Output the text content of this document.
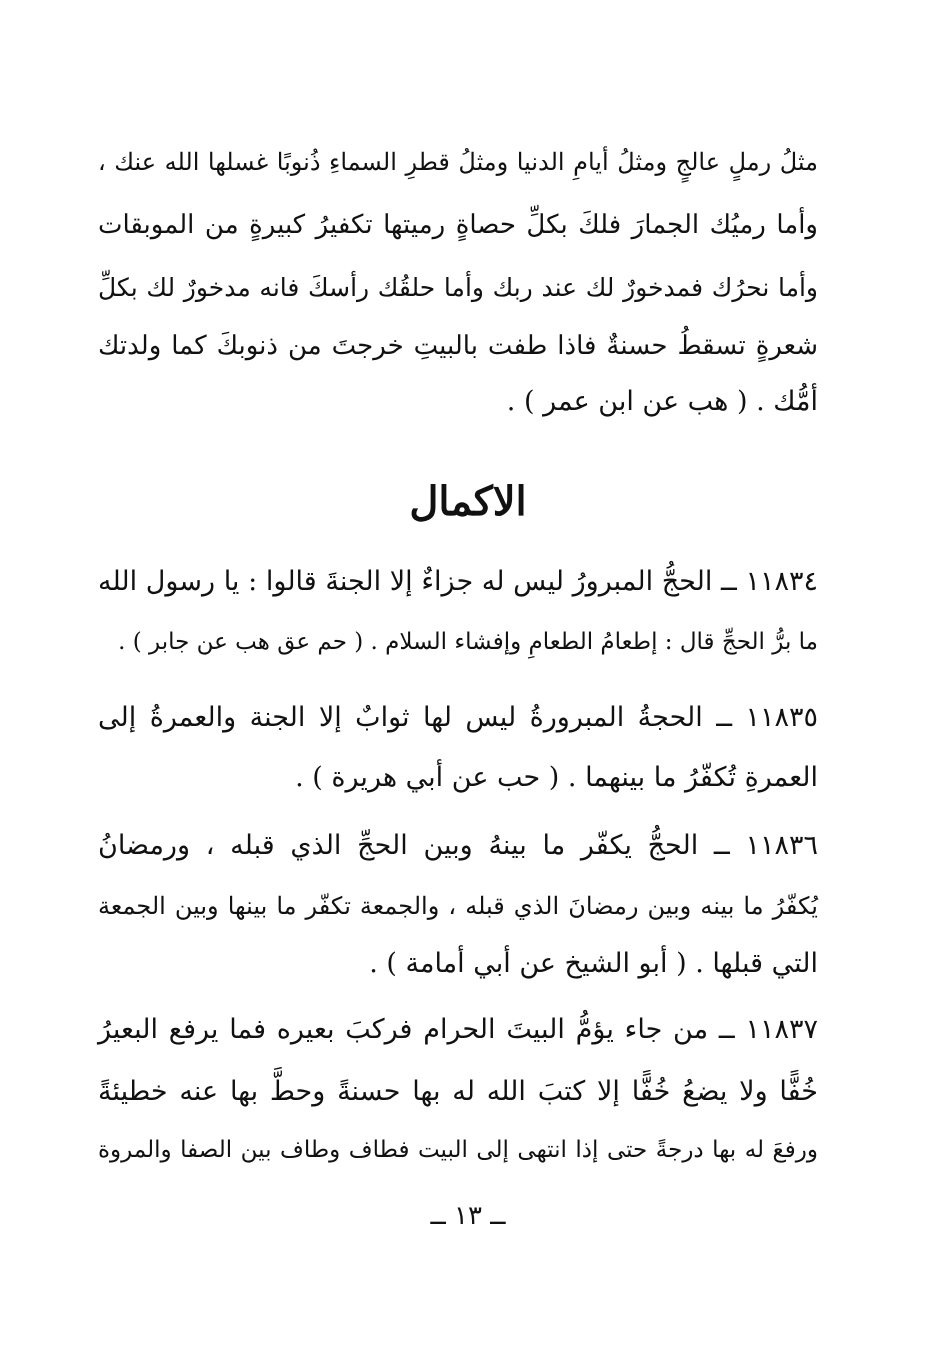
مثلُ رملٍ عالجٍ ومثلُ أيامِ الدنيا ومثلُ قطرِ السماءِ ذُنوبًا غسلها الله عنك ،
وأما رميُك الجمارَ فلكَ بكلِّ حصاةٍ رميتها تكفيرُ كبيرةٍ من الموبقات
وأما نحرُك فمدخورٌ لك عند ربك وأما حلقُك رأسكَ فانه مدخورٌ لك بكلِّ
شعرةٍ تسقطُ حسنةٌ فاذا طفت بالبيتِ خرجتَ من ذنوبكَ كما ولدتك
أمُّك . ( هب عن ابن عمر ) .
الاكمال
١١٨٣٤ ــ الحجُّ المبرورُ ليس له جزاءٌ إلا الجنةَ قالوا : يا رسول الله
ما برُّ الحجِّ قال : إطعامُ الطعامِ وإفشاء السلام . ( حم عق هب عن جابر ) .
١١٨٣٥ ــ الحجةُ المبرورةُ ليس لها ثوابٌ إلا الجنة والعمرةُ إلى
العمرةِ تُكفّرُ ما بينهما . ( حب عن أبي هريرة ) .
١١٨٣٦ ــ الحجُّ يكفّر ما بينهُ وبين الحجِّ الذي قبله ، ورمضانُ
يُكفّرُ ما بينه وبين رمضانَ الذي قبله ، والجمعة تكفّر ما بينها وبين الجمعة
التي قبلها . ( أبو الشيخ عن أبي أمامة ) .
١١٨٣٧ ــ من جاء يؤمُّ البيتَ الحرام فركبَ بعيره فما يرفع البعيرُ
خُفًّا ولا يضعُ خُفًّا إلا كتبَ الله له بها حسنةً وحطَّ بها عنه خطيئةً
ورفعَ له بها درجةً حتى إذا انتهى إلى البيت فطاف وطاف بين الصفا والمروة
ــ ١٣ ــ
